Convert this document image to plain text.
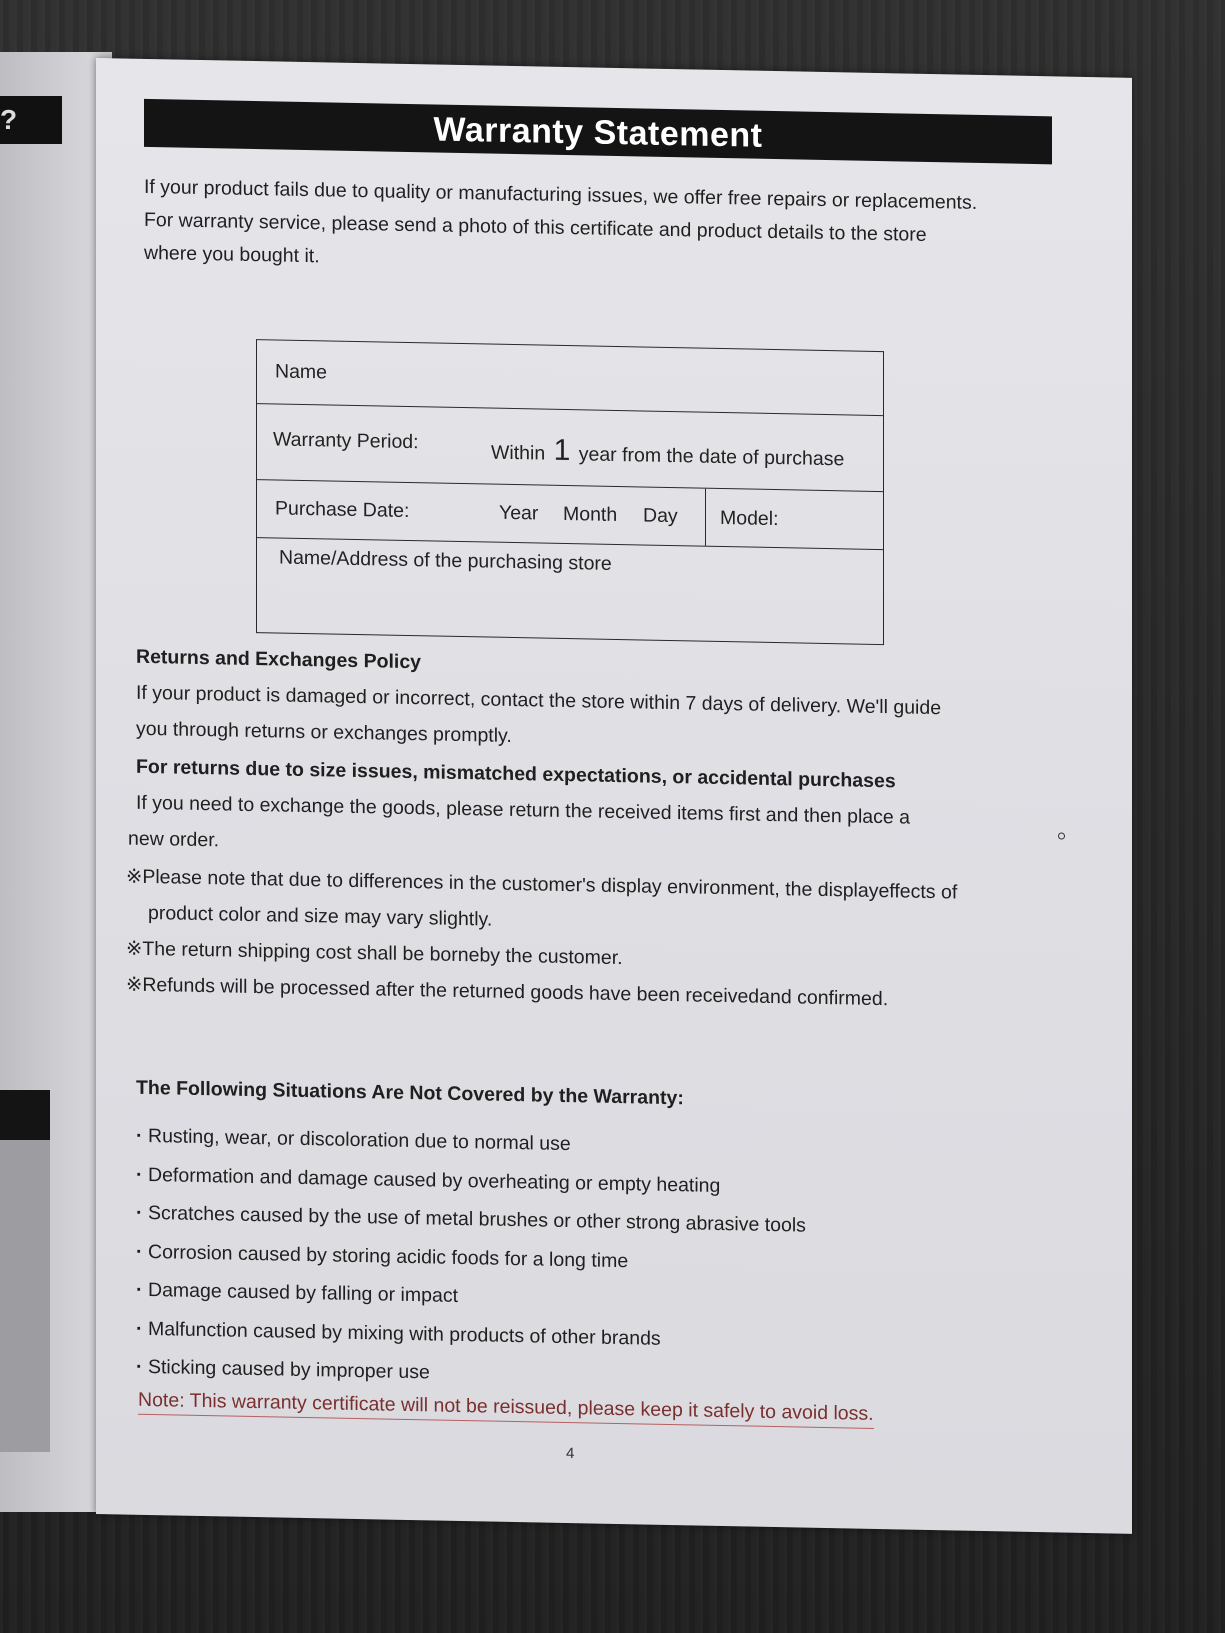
?	Warranty Statement
If your product fails due to quality or manufacturing issues, we offer free repairs or replacements.
For warranty service, please send a photo of this certificate and product details to the store
where you bought it.
Name
Warranty Period:	Within 1 year from the date of purchase
Purchase Date:	Year Month Day	Model:
Name/Address of the purchasing store
Returns and Exchanges Policy
If your product is damaged or incorrect, contact the store within 7 days of delivery. We'll guide
you through returns or exchanges promptly.
For returns due to size issues, mismatched expectations, or accidental purchases
If you need to exchange the goods, please return the received items first and then place a
new order.
※Please note that due to differences in the customer's display environment, the displayeffects of
product color and size may vary slightly.
※The return shipping cost shall be borneby the customer.
※Refunds will be processed after the returned goods have been receivedand confirmed.
The Following Situations Are Not Covered by the Warranty:
· Rusting, wear, or discoloration due to normal use
· Deformation and damage caused by overheating or empty heating
· Scratches caused by the use of metal brushes or other strong abrasive tools
· Corrosion caused by storing acidic foods for a long time
· Damage caused by falling or impact
· Malfunction caused by mixing with products of other brands
· Sticking caused by improper use
Note: This warranty certificate will not be reissued, please keep it safely to avoid loss.
4
